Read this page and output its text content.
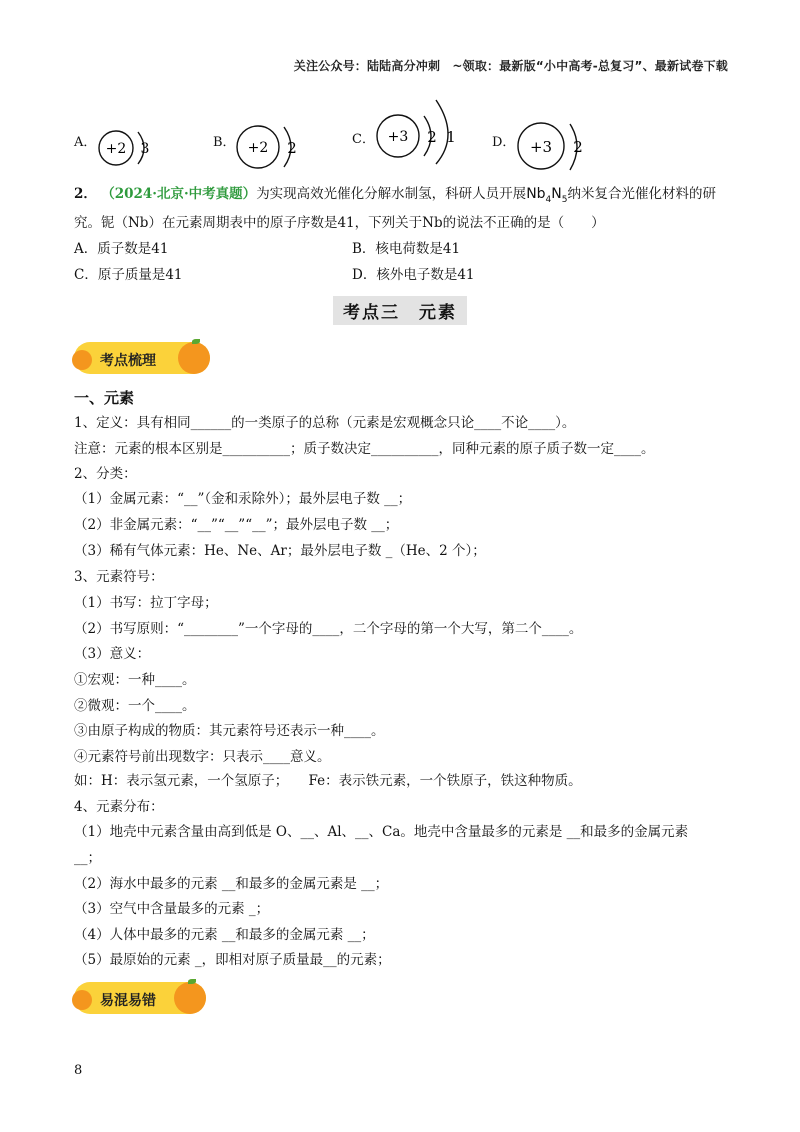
关注公众号：陆陆高分冲刺　~领取：最新版“小中高考-总复习”、最新试卷下载
A． +2 3	B． +2 2	C． +3 2 1	D． +3 2
2． （2024·北京·中考真题）为实现高效光催化分解水制氢，科研人员开展$Nb_4N_5$纳米复合光催化材料的研
究。铌（Nb）在元素周期表中的原子序数是41，下列关于Nb的说法不正确的是（　　）
A．质子数是41	B．核电荷数是41
C．原子质量是41	D．核外电子数是41
考点三　元素
考点梳理
一、元素
1、定义：具有相同______的一类原子的总称（元素是宏观概念只论____不论____）。
注意：元素的根本区别是__________；质子数决定__________，同种元素的原子质子数一定____。
2、分类：
（1）金属元素：“__”（金和汞除外）；最外层电子数 __；
（2）非金属元素：“__”“__”“__”；最外层电子数 __；
（3）稀有气体元素：He、Ne、Ar；最外层电子数 _（He、2 个）；
3、元素符号：
（1）书写：拉丁字母；
（2）书写原则：“________”一个字母的____，二个字母的第一个大写，第二个____。
（3）意义：
①宏观：一种____。
②微观：一个____。
③由原子构成的物质：其元素符号还表示一种____。
④元素符号前出现数字：只表示____意义。
如：H：表示氢元素，一个氢原子；　　Fe：表示铁元素，一个铁原子，铁这种物质。
4、元素分布：
（1）地壳中元素含量由高到低是 O、__、Al、__、Ca。地壳中含量最多的元素是 __和最多的金属元素
__；
（2）海水中最多的元素 __和最多的金属元素是 __；
（3）空气中含量最多的元素 _；
（4）人体中最多的元素 __和最多的金属元素 __；
（5）最原始的元素 _，即相对原子质量最__的元素；
易混易错
8
